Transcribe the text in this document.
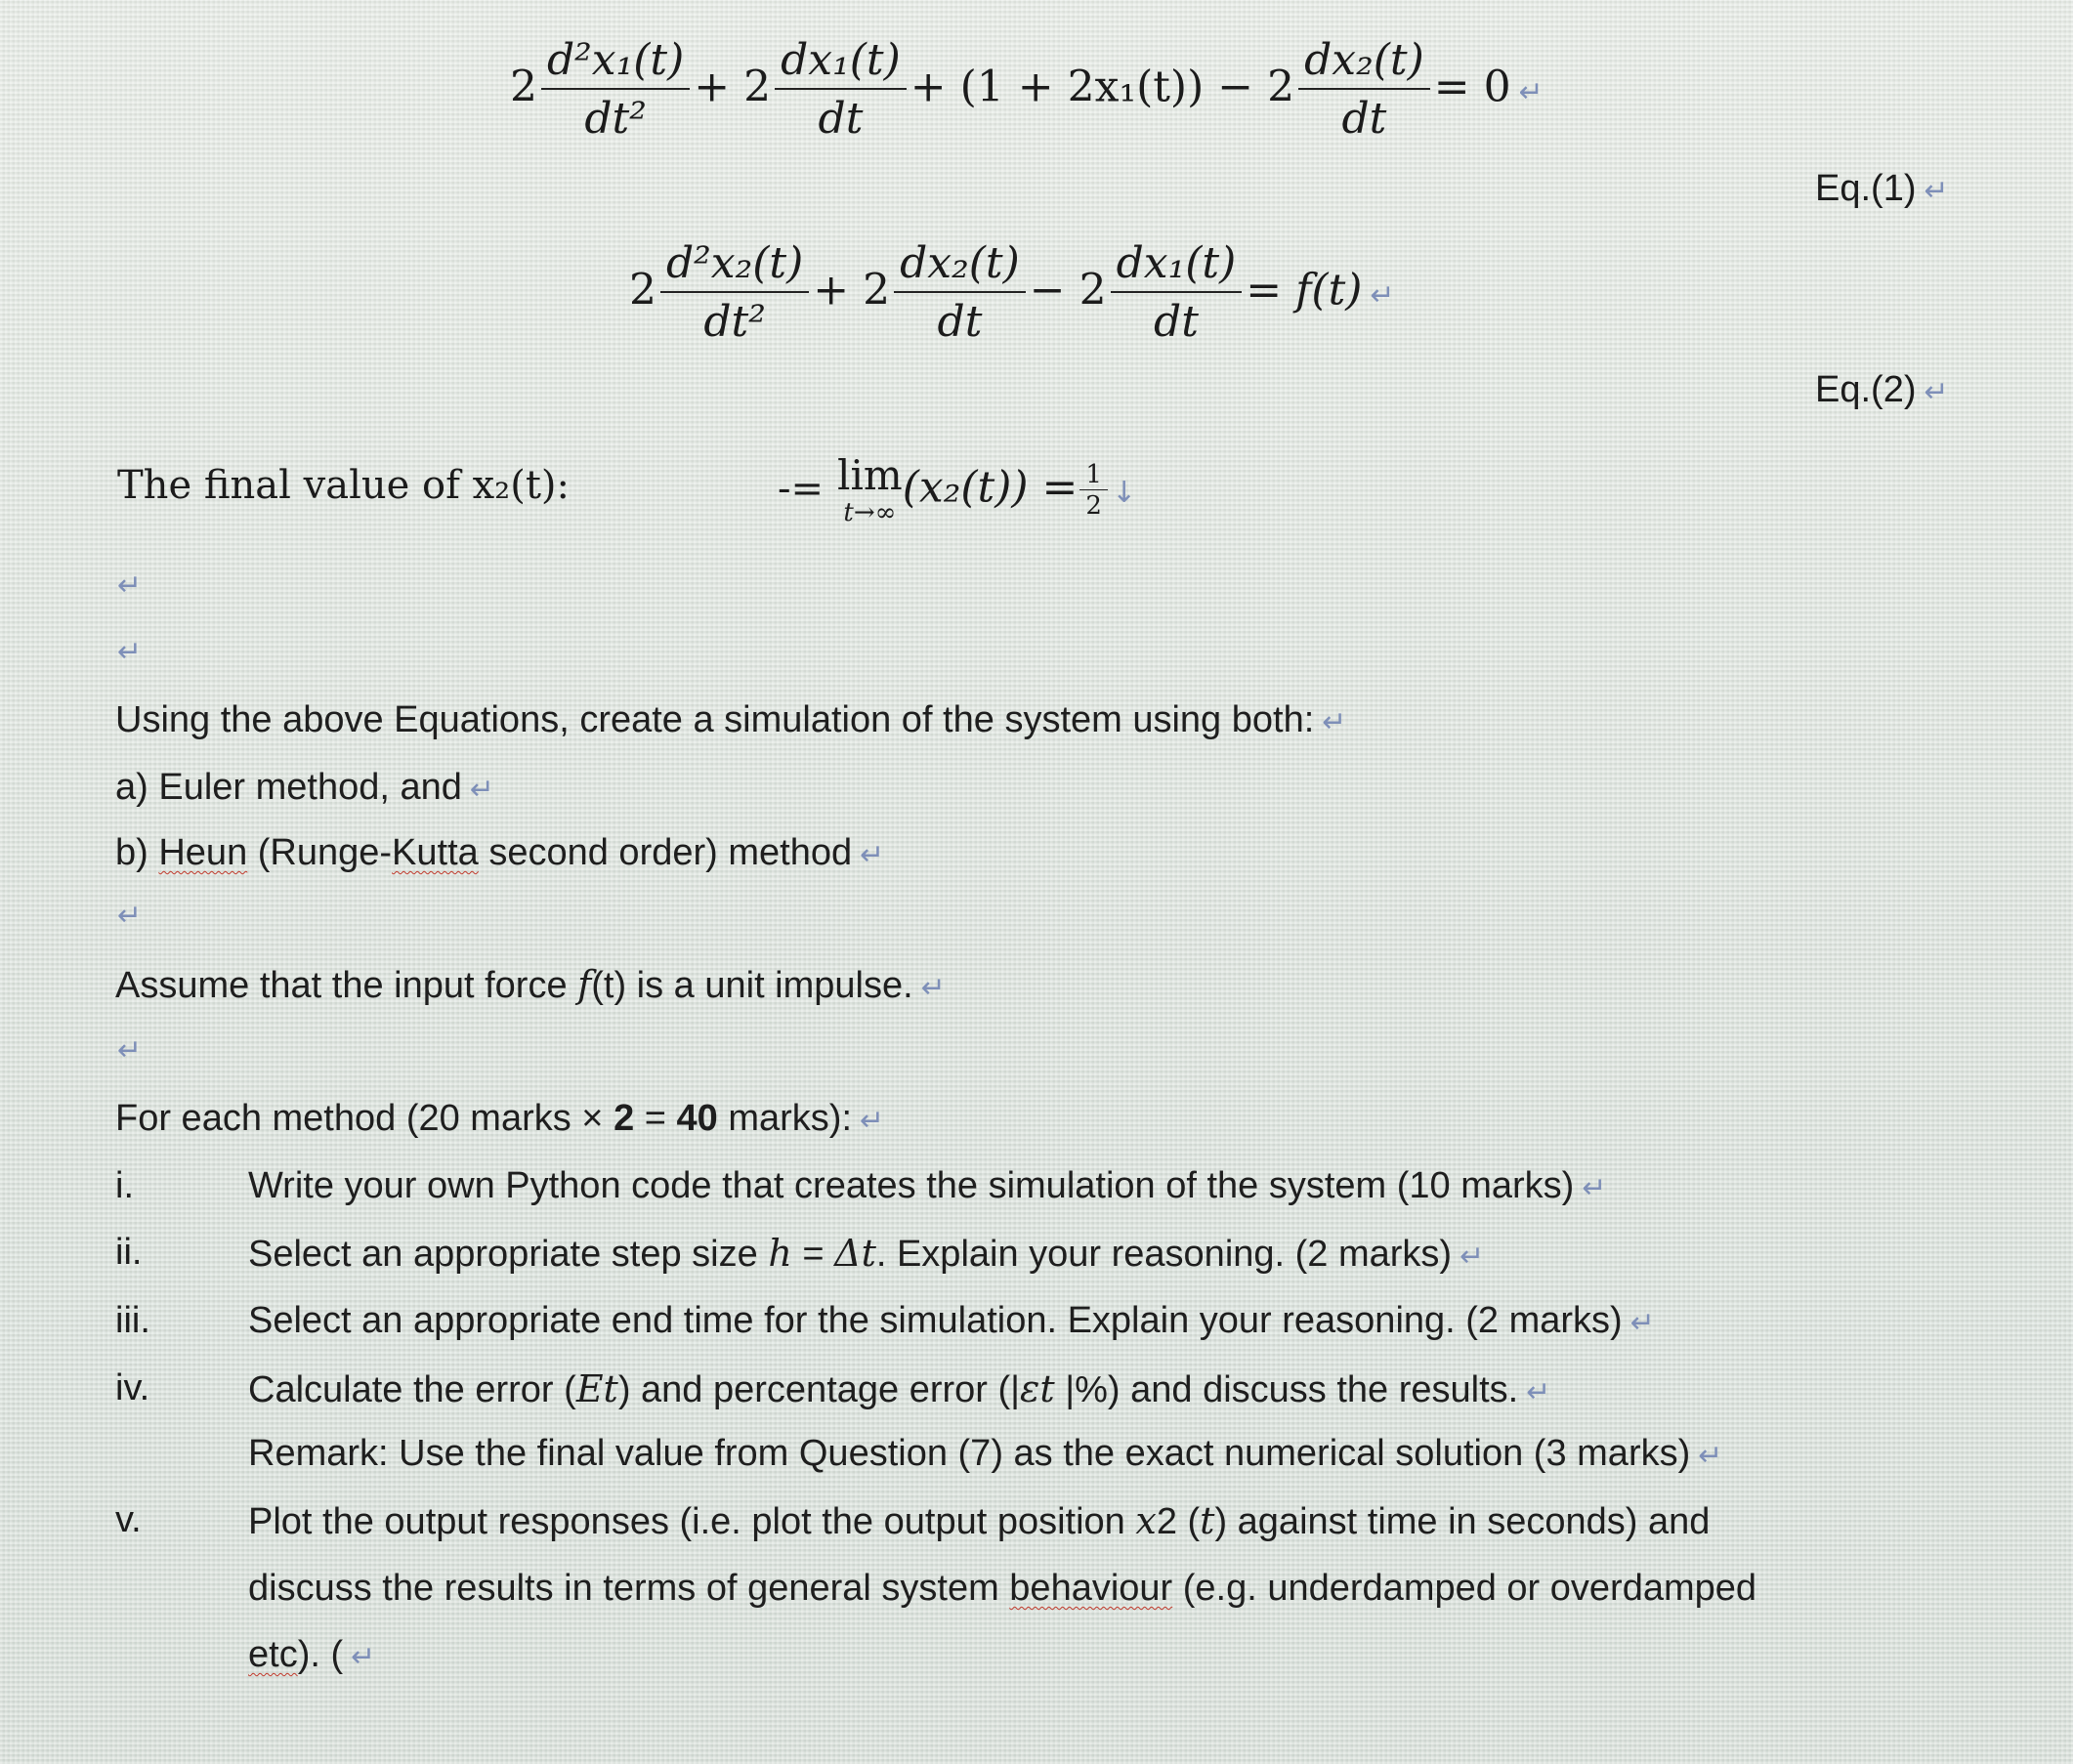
$2 \frac{\text{d²x₁(t)}}{\text{dt²}} + 2 \frac{\text{dx₁(t)}}{dt} + (1 + 2x_1(t)) - 2 \frac{\text{dx₂(t)}}{dt} = 0$ ↵
Eq.(1) ↵
$2 \frac{\text{d²x₂(t)}}{\text{dt²}} + 2 \frac{\text{dx₂(t)}}{dt} - 2 \frac{\text{dx₁(t)}}{dt} = f(t)$ ↵
Eq.(2) ↵
The final value of x₂(t):	-= lim
t→∞
$(x_2(t)) = \frac{1}{2}$ ↓
↵
↵
Using the above Equations, create a simulation of the system using both: ↵
a) Euler method, and ↵
b) Heun (Runge-Kutta second order) method ↵
↵
Assume that the input force f(t) is a unit impulse. ↵
↵
For each method (20 marks × 2 = 40 marks): ↵
i.	Write your own Python code that creates the simulation of the system (10 marks) ↵
ii.	Select an appropriate step size h = Δt. Explain your reasoning. (2 marks) ↵
iii.	Select an appropriate end time for the simulation. Explain your reasoning. (2 marks) ↵
iv.	Calculate the error (Et) and percentage error (|εt |%) and discuss the results. ↵
Remark: Use the final value from Question (7) as the exact numerical solution (3 marks) ↵
v.	Plot the output responses (i.e. plot the output position x2 (t) against time in seconds) and
discuss the results in terms of general system behaviour (e.g. underdamped or overdamped
etc). ( ↵
